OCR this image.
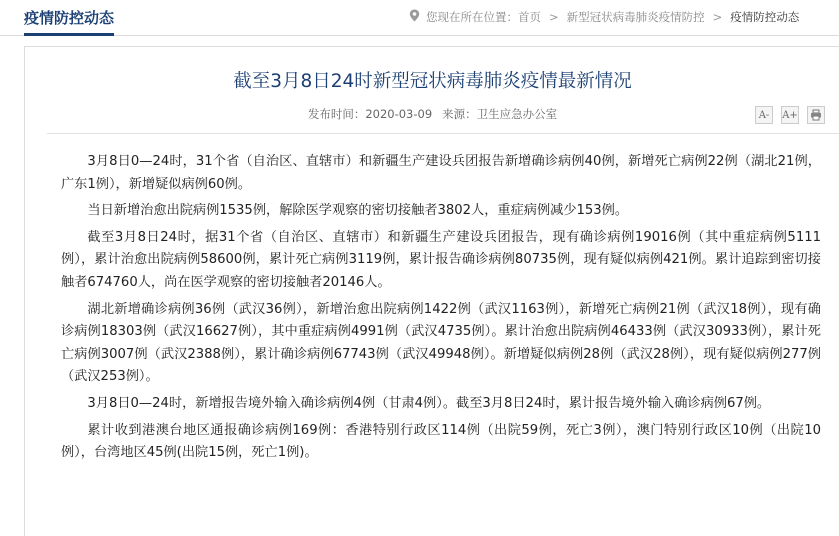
疫情防控动态	您现在所在位置： 首页 > 新型冠状病毒肺炎疫情防控 > 疫情防控动态
截至3月8日24时新型冠状病毒肺炎疫情最新情况
发布时间：2020-03-09 来源：卫生应急办公室	A-	A+

3月8日0—24时，31个省（自治区、直辖市）和新疆生产建设兵团报告新增确诊病例40例，新增死亡病例22例（湖北21例，广东1例），新增疑似病例60例。

当日新增治愈出院病例1535例，解除医学观察的密切接触者3802人，重症病例减少153例。

截至3月8日24时，据31个省（自治区、直辖市）和新疆生产建设兵团报告，现有确诊病例19016例（其中重症病例5111例），累计治愈出院病例58600例，累计死亡病例3119例，累计报告确诊病例80735例，现有疑似病例421例。累计追踪到密切接触者674760人，尚在医学观察的密切接触者20146人。

湖北新增确诊病例36例（武汉36例），新增治愈出院病例1422例（武汉1163例），新增死亡病例21例（武汉18例），现有确诊病例18303例（武汉16627例），其中重症病例4991例（武汉4735例）。累计治愈出院病例46433例（武汉30933例），累计死亡病例3007例（武汉2388例），累计确诊病例67743例（武汉49948例）。新增疑似病例28例（武汉28例），现有疑似病例277例（武汉253例）。

3月8日0—24时，新增报告境外输入确诊病例4例（甘肃4例）。截至3月8日24时，累计报告境外输入确诊病例67例。

累计收到港澳台地区通报确诊病例169例：香港特别行政区114例（出院59例，死亡3例），澳门特别行政区10例（出院10例），台湾地区45例(出院15例，死亡1例)。
